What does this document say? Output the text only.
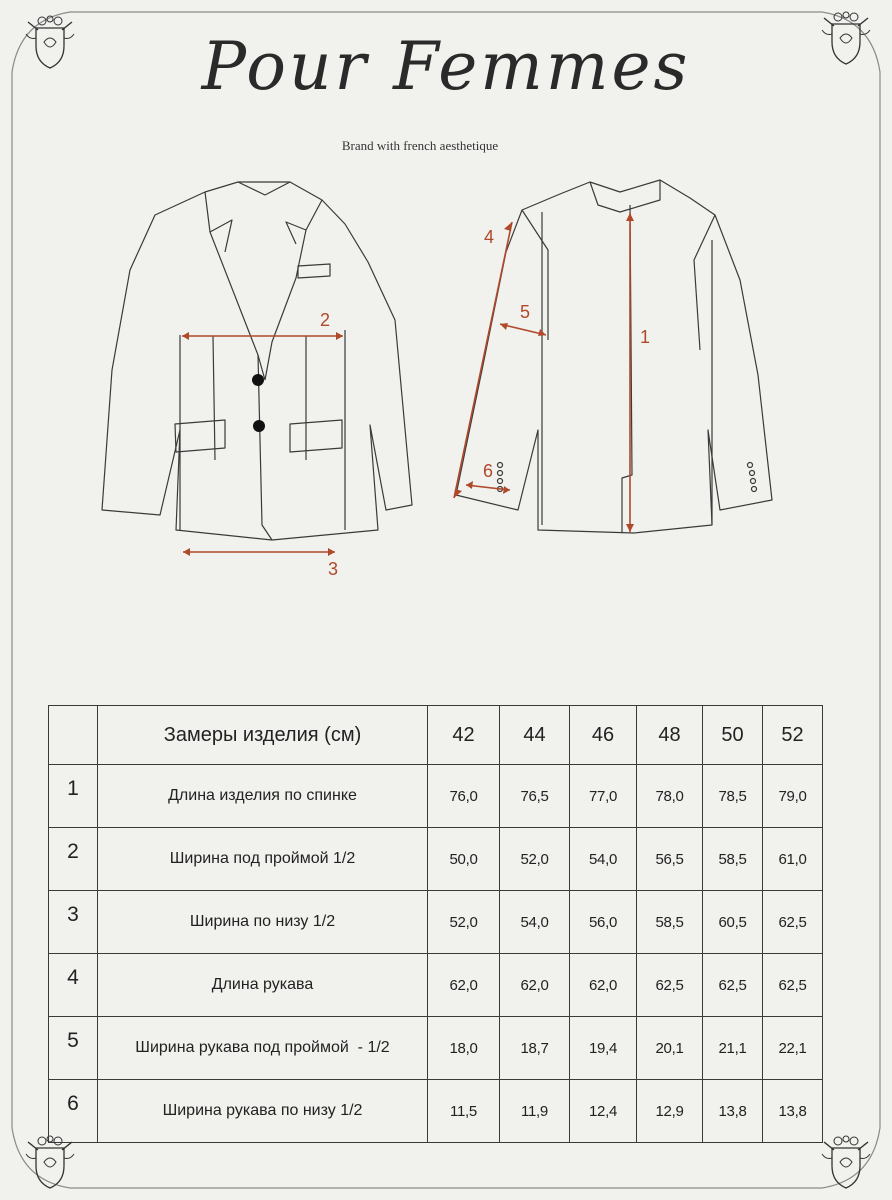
Pour Femmes
Brand with french aesthetique
2
3
1
4
5
6
	Замеры изделия (см)	42	44	46	48	50	52
1	Длина изделия по спинке	76,0	76,5	77,0	78,0	78,5	79,0
2	Ширина под проймой 1/2	50,0	52,0	54,0	56,5	58,5	61,0
3	Ширина по низу 1/2	52,0	54,0	56,0	58,5	60,5	62,5
4	Длина рукава	62,0	62,0	62,0	62,5	62,5	62,5
5	Ширина рукава под проймой  - 1/2	18,0	18,7	19,4	20,1	21,1	22,1
6	Ширина рукава по низу 1/2	11,5	11,9	12,4	12,9	13,8	13,8
